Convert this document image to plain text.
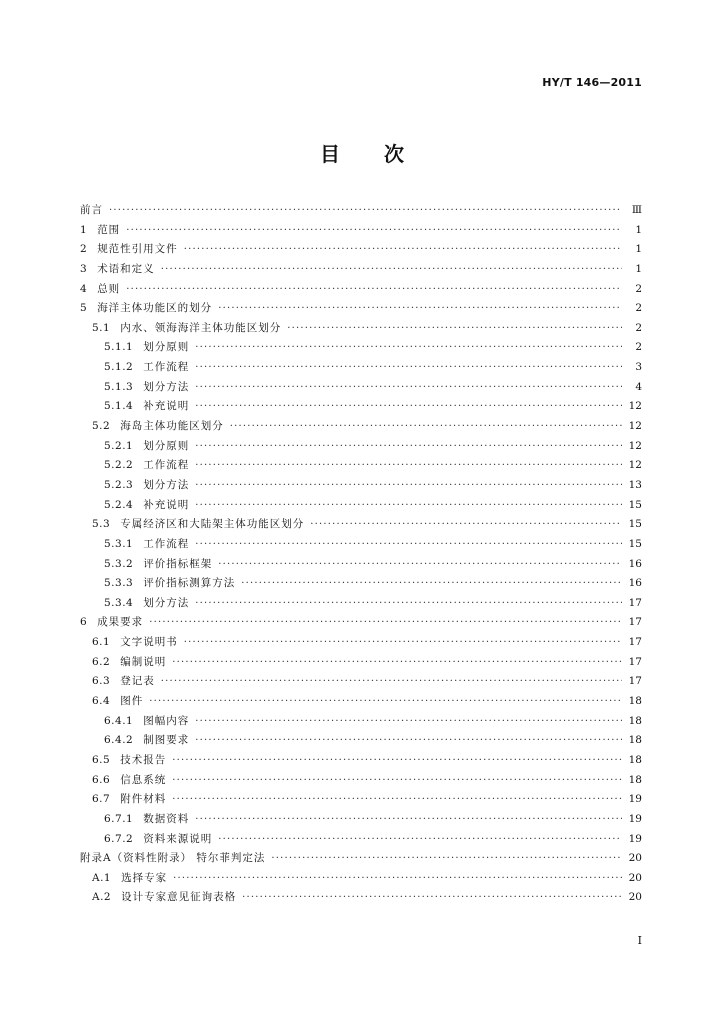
HY/T 146—2011
目 次
前言 ·····	Ⅲ
1 范围 ·····	1
2 规范性引用文件 ·····	1
3 术语和定义 ·····	1
4 总则 ·····	2
5 海洋主体功能区的划分 ·····	2
5.1 内水、领海海洋主体功能区划分 ·····	2
5.1.1 划分原则 ·····	2
5.1.2 工作流程 ·····	3
5.1.3 划分方法 ·····	4
5.1.4 补充说明 ·····	12
5.2 海岛主体功能区划分 ·····	12
5.2.1 划分原则 ·····	12
5.2.2 工作流程 ·····	12
5.2.3 划分方法 ·····	13
5.2.4 补充说明 ·····	15
5.3 专属经济区和大陆架主体功能区划分 ·····	15
5.3.1 工作流程 ·····	15
5.3.2 评价指标框架 ·····	16
5.3.3 评价指标测算方法 ·····	16
5.3.4 划分方法 ·····	17
6 成果要求 ·····	17
6.1 文字说明书 ·····	17
6.2 编制说明 ·····	17
6.3 登记表 ·····	17
6.4 图件 ·····	18
6.4.1 图幅内容 ·····	18
6.4.2 制图要求 ·····	18
6.5 技术报告 ·····	18
6.6 信息系统 ·····	18
6.7 附件材料 ·····	19
6.7.1 数据资料 ·····	19
6.7.2 资料来源说明 ·····	19
附录A（资料性附录） 特尔菲判定法 ·····	20
A.1 选择专家 ·····	20
A.2 设计专家意见征询表格 ·····	20
I
